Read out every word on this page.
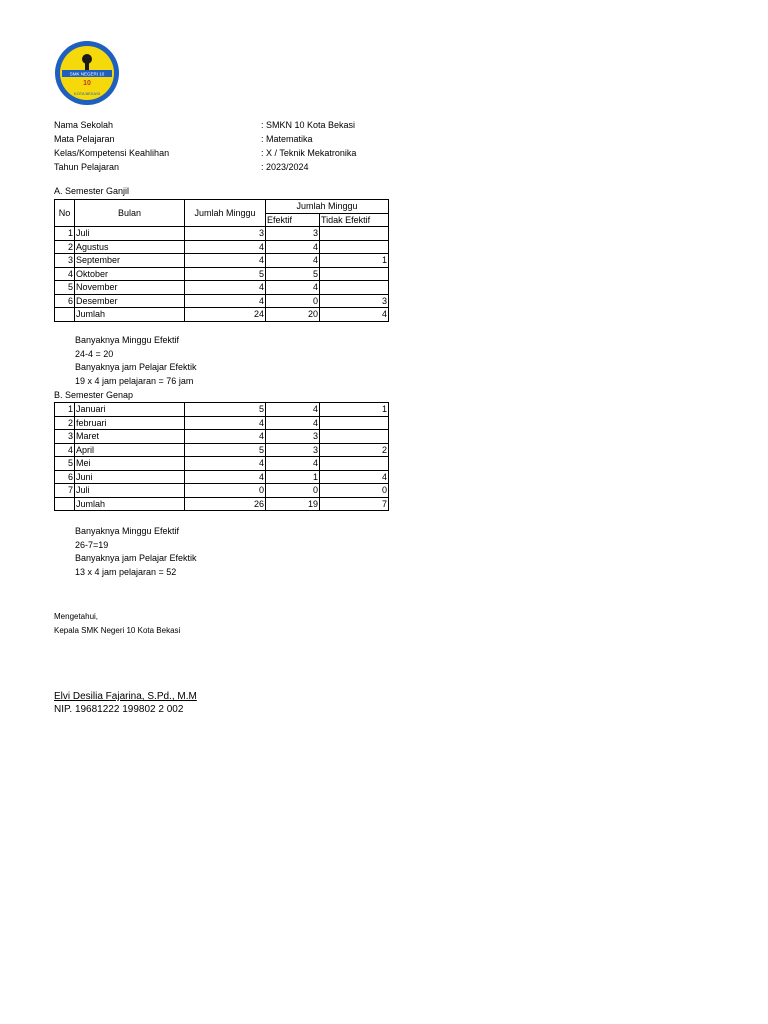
SMK NEGERI 10
10
KOTA BEKASI
Nama Sekolah	: SMKN 10 Kota Bekasi
Mata Pelajaran	: Matematika
Kelas/Kompetensi Keahlihan	: X / Teknik Mekatronika
Tahun Pelajaran	: 2023/2024
A. Semester Ganjil
No	Bulan	Jumlah Minggu	Jumlah Minggu	
			Efektif	Tidak Efektif
1	Juli	3	3	
2	Agustus	4	4	
3	September	4	4	1
4	Oktober	5	5	
5	November	4	4	
6	Desember	4	0	3
	Jumlah	24	20	4
Banyaknya Minggu Efektif
24-4 = 20
Banyaknya jam Pelajar Efektik
19 x 4 jam pelajaran = 76 jam
B. Semester Genap
1	Januari	5	4	1
2	februari	4	4	
3	Maret	4	3	
4	April	5	3	2
5	Mei	4	4	
6	Juni	4	1	4
7	Juli	0	0	0
	Jumlah	26	19	7
Banyaknya Minggu Efektif
26-7=19
Banyaknya jam Pelajar Efektik
13 x 4 jam pelajaran = 52
Mengetahui,
Kepala SMK Negeri 10 Kota Bekasi
Elvi Desilia Fajarina, S.Pd., M.M
NIP. 19681222 199802 2 002
